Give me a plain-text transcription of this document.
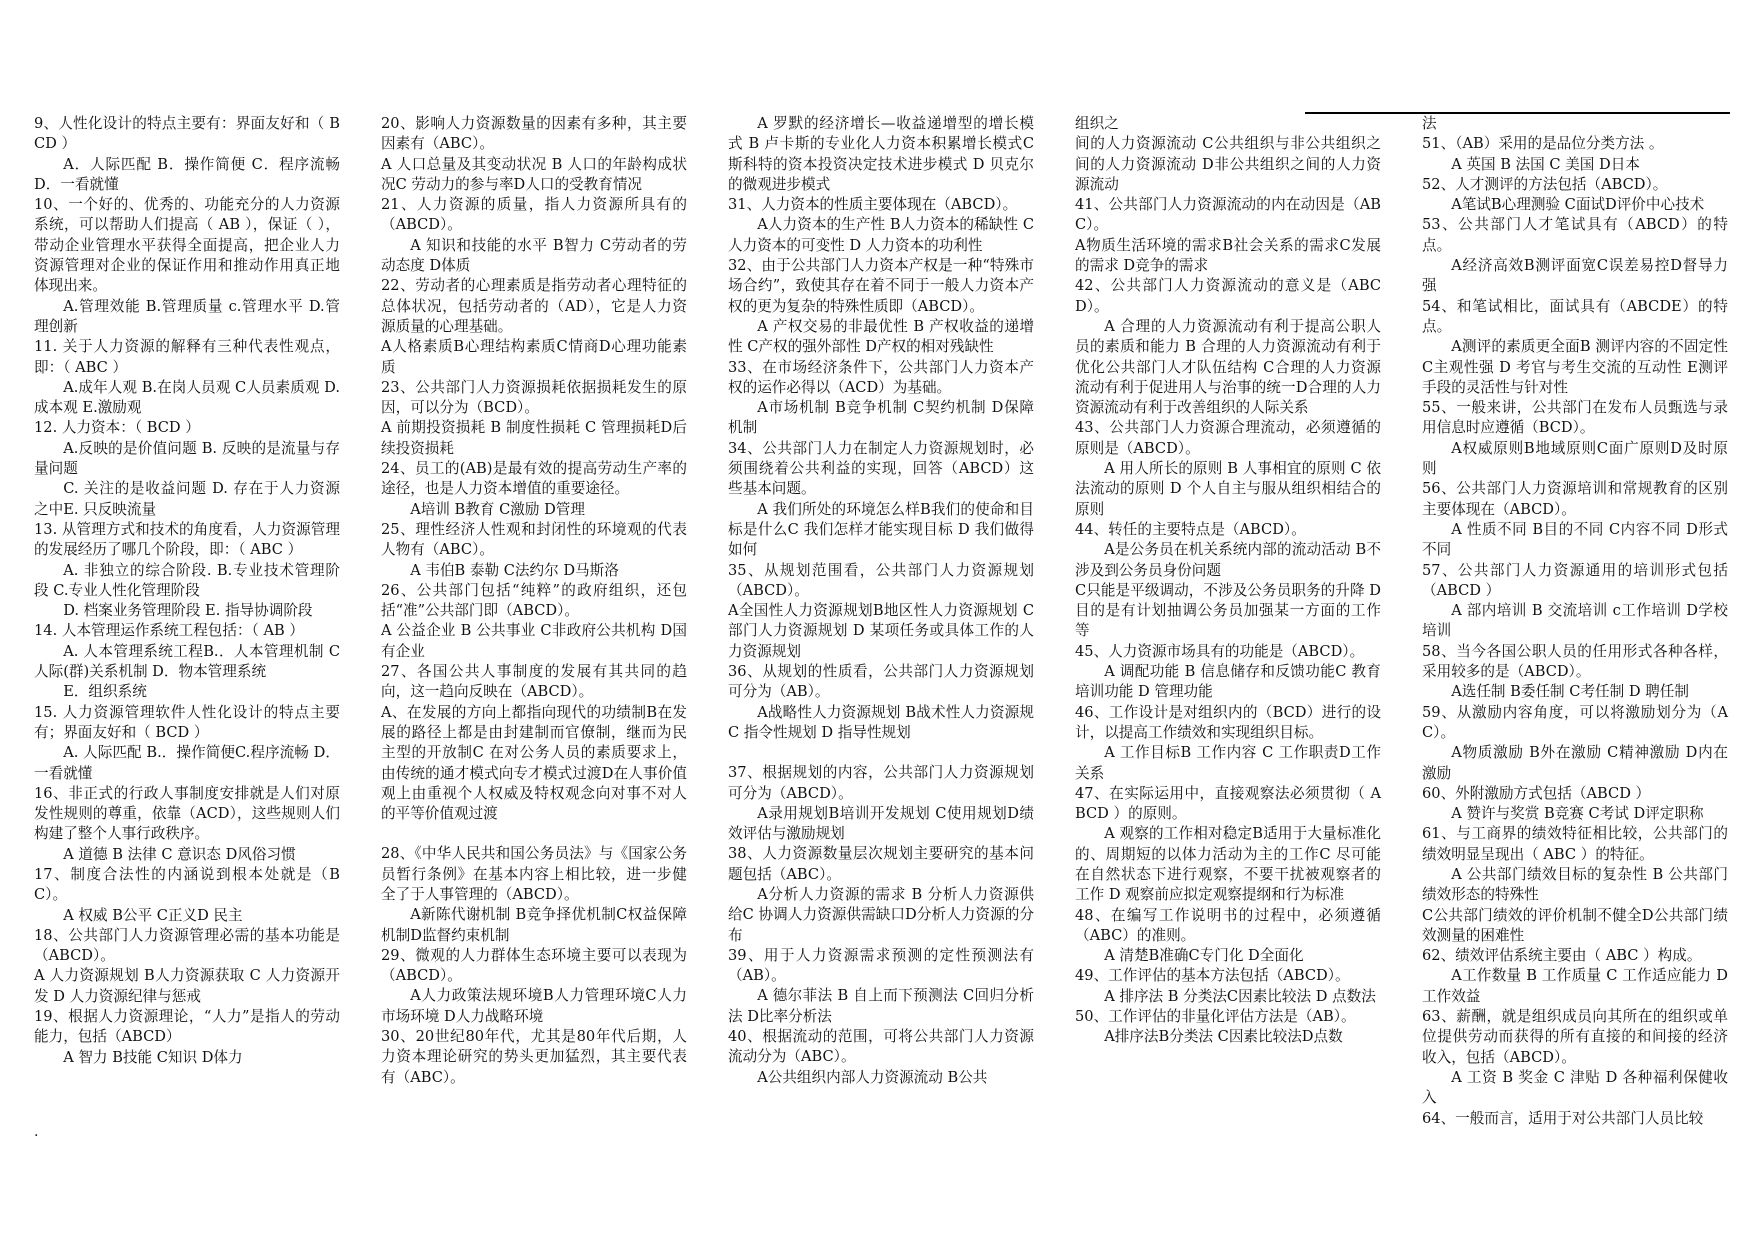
9、人性化设计的特点主要有：界面友好和（ BCD ）

A．人际匹配 B．操作简便 C．程序流畅 D．一看就懂

10、一个好的、优秀的、功能充分的人力资源系统，可以帮助人们提高（ AB ），保证（ ），带动企业管理水平获得全面提高，把企业人力资源管理对企业的保证作用和推动作用真正地体现出来。

A.管理效能 B.管理质量 c.管理水平 D.管理创新

11. 关于人力资源的解释有三种代表性观点，即：（ ABC ）

A.成年人观 B.在岗人员观 C人员素质观 D.成本观 E.激励观

12. 人力资本：（ BCD ）

A.反映的是价值问题 B. 反映的是流量与存量问题

C. 关注的是收益问题 D. 存在于人力资源之中E. 只反映流量

13. 从管理方式和技术的角度看，人力资源管理的发展经历了哪几个阶段，即：（ ABC ）

A. 非独立的综合阶段. B.专业技术管理阶段 C.专业人性化管理阶段

D. 档案业务管理阶段 E. 指导协调阶段

14. 人本管理运作系统工程包括：（ AB ）

A. 人本管理系统工程B.．人本管理机制 C人际(群)关系机制 D．物本管理系统

E．组织系统

15. 人力资源管理软件人性化设计的特点主要有；界面友好和（ BCD ）

A. 人际匹配 B.．操作简便C.程序流畅 D．一看就懂

16、非正式的行政人事制度安排就是人们对原发性规则的尊重，依靠（ACD），这些规则人们构建了整个人事行政秩序。

A 道德 B 法律 C 意识态 D风俗习惯

17、制度合法性的内涵说到根本处就是（BC）。

A 权威 B公平 C正义D 民主

18、公共部门人力资源管理必需的基本功能是（ABCD）。

A 人力资源规划 B人力资源获取 C 人力资源开发 D 人力资源纪律与惩戒

19、根据人力资源理论，“人力”是指人的劳动能力，包括（ABCD）

A 智力 B技能 C知识 D体力

20、影响人力资源数量的因素有多种，其主要因素有（ABC）。

A 人口总量及其变动状况 B 人口的年龄构成状况C 劳动力的参与率D人口的受教育情况

21、人力资源的质量，指人力资源所具有的（ABCD）。

A 知识和技能的水平 B智力 C劳动者的劳动态度 D体质

22、劳动者的心理素质是指劳动者心理特征的总体状况，包括劳动者的（AD），它是人力资源质量的心理基础。

A人格素质B心理结构素质C情商D心理功能素质

23、公共部门人力资源损耗依据损耗发生的原因，可以分为（BCD）。

A 前期投资损耗 B 制度性损耗 C 管理损耗D后续投资损耗

24、员工的(AB)是最有效的提高劳动生产率的途径，也是人力资本增值的重要途径。

A培训 B教育 C激励 D管理

25、理性经济人性观和封闭性的环境观的代表人物有（ABC）。

A 韦伯B 泰勒 C法约尔 D马斯洛

26、公共部门包括“纯粹”的政府组织，还包括“准”公共部门即（ABCD）。

A 公益企业 B 公共事业 C非政府公共机构 D国有企业

27、各国公共人事制度的发展有其共同的趋向，这一趋向反映在（ABCD）。

A、在发展的方向上都指向现代的功绩制B在发展的路径上都是由封建制而官僚制，继而为民主型的开放制C 在对公务人员的素质要求上，由传统的通才模式向专才模式过渡D在人事价值观上由重视个人权威及特权观念向对事不对人的平等价值观过渡

28、《中华人民共和国公务员法》与《国家公务员暂行条例》在基本内容上相比较，进一步健全了于人事管理的（ABCD）。

A新陈代谢机制 B竞争择优机制C权益保障机制D监督约束机制

29、微观的人力群体生态环境主要可以表现为（ABCD）。

A人力政策法规环境B人力管理环境C人力市场环境 D人力战略环境

30、20世纪80年代，尤其是80年代后期，人力资本理论研究的势头更加猛烈，其主要代表有（ABC）。

A 罗默的经济增长—收益递增型的增长模式 B 卢卡斯的专业化人力资本积累增长模式C 斯科特的资本投资决定技术进步模式 D 贝克尔的微观进步模式

31、人力资本的性质主要体现在（ABCD）。

A人力资本的生产性 B人力资本的稀缺性 C人力资本的可变性 D 人力资本的功利性

32、由于公共部门人力资本产权是一种“特殊市场合约”，致使其存在着不同于一般人力资本产权的更为复杂的特殊性质即（ABCD）。

A 产权交易的非最优性 B 产权收益的递增性 C产权的强外部性 D产权的相对残缺性

33、在市场经济条件下，公共部门人力资本产权的运作必得以（ACD）为基础。

A市场机制 B竞争机制 C契约机制 D保障机制

34、公共部门人力在制定人力资源规划时，必须围绕着公共利益的实现，回答（ABCD）这些基本问题。

A 我们所处的环境怎么样B我们的使命和目标是什么C 我们怎样才能实现目标 D 我们做得如何

35、从规划范围看，公共部门人力资源规划（ABCD）。

A全国性人力资源规划B地区性人力资源规划 C 部门人力资源规划 D 某项任务或具体工作的人力资源规划

36、从规划的性质看，公共部门人力资源规划可分为（AB）。

A战略性人力资源规划 B战术性人力资源规 C 指令性规划 D 指导性规划

37、根据规划的内容，公共部门人力资源规划可分为（ABCD）。

A录用规划B培训开发规划 C使用规划D绩效评估与激励规划

38、人力资源数量层次规划主要研究的基本问题包括（ABC）。

A分析人力资源的需求 B 分析人力资源供给C 协调人力资源供需缺口D分析人力资源的分布

39、用于人力资源需求预测的定性预测法有（AB）。

A 德尔菲法 B 自上而下预测法 C回归分析法 D比率分析法

40、根据流动的范围，可将公共部门人力资源流动分为（ABC）。

A公共组织内部人力资源流动 B公共

组织之

间的人力资源流动 C公共组织与非公共组织之间的人力资源流动 D非公共组织之间的人力资源流动

41、公共部门人力资源流动的内在动因是（ABC）。

A物质生活环境的需求B社会关系的需求C发展的需求 D竞争的需求

42、公共部门人力资源流动的意义是（ABCD）。

A 合理的人力资源流动有利于提高公职人员的素质和能力 B 合理的人力资源流动有利于优化公共部门人才队伍结构 C合理的人力资源流动有利于促进用人与治事的统一D合理的人力资源流动有利于改善组织的人际关系

43、公共部门人力资源合理流动，必须遵循的原则是（ABCD）。

A 用人所长的原则 B 人事相宜的原则 C 依法流动的原则 D 个人自主与服从组织相结合的原则

44、转任的主要特点是（ABCD）。

A是公务员在机关系统内部的流动活动 B不涉及到公务员身份问题

C只能是平级调动，不涉及公务员职务的升降 D 目的是有计划抽调公务员加强某一方面的工作等

45、人力资源市场具有的功能是（ABCD）。

A 调配功能 B 信息储存和反馈功能C 教育培训功能 D 管理功能

46、工作设计是对组织内的（BCD）进行的设计，以提高工作绩效和实现组织目标。

A 工作目标B 工作内容 C 工作职责D工作关系

47、在实际运用中，直接观察法必须贯彻（ ABCD ）的原则。

A 观察的工作相对稳定B适用于大量标准化的、周期短的以体力活动为主的工作C 尽可能在自然状态下进行观察，不要干扰被观察者的工作 D 观察前应拟定观察提纲和行为标准

48、在编写工作说明书的过程中，必须遵循（ABC）的准则。

A 清楚B准确C专门化 D全面化

49、工作评估的基本方法包括（ABCD）。

A 排序法 B 分类法C因素比较法 D 点数法

50、工作评估的非量化评估方法是（AB）。

A排序法B分类法 C因素比较法D点数

法

51、（AB）采用的是品位分类方法 。

A 英国 B 法国 C 美国 D日本

52、人才测评的方法包括（ABCD）。

A笔试B心理测验 C面试D评价中心技术

53、公共部门人才笔试具有（ABCD）的特点。

A经济高效B测评面宽C误差易控D督导力强

54、和笔试相比，面试具有（ABCDE）的特点。

A测评的素质更全面B 测评内容的不固定性 C主观性强 D 考官与考生交流的互动性 E测评手段的灵活性与针对性

55、一般来讲，公共部门在发布人员甄选与录用信息时应遵循（BCD）。

A权威原则B地域原则C面广原则D及时原则

56、公共部门人力资源培训和常规教育的区别主要体现在（ABCD）。

A 性质不同 B目的不同 C内容不同 D形式不同

57、公共部门人力资源通用的培训形式包括（ABCD ）

A 部内培训 B 交流培训 c工作培训 D学校培训

58、当今各国公职人员的任用形式各种各样，采用较多的是（ABCD）。

A选任制 B委任制 C考任制 D 聘任制

59、从激励内容角度，可以将激励划分为（AC）。

A物质激励 B外在激励 C精神激励 D内在激励

60、外附激励方式包括（ABCD ）

A 赞许与奖赏 B竞赛 C考试 D评定职称

61、与工商界的绩效特征相比较，公共部门的绩效明显呈现出（ ABC ）的特征。

A 公共部门绩效目标的复杂性 B 公共部门绩效形态的特殊性

C公共部门绩效的评价机制不健全D公共部门绩效测量的困难性

62、绩效评估系统主要由（ ABC ）构成。

A工作数量 B 工作质量 C 工作适应能力 D 工作效益

63、薪酬，就是组织成员向其所在的组织或单位提供劳动而获得的所有直接的和间接的经济收入，包括（ABCD）。

A 工资 B 奖金 C 津贴 D 各种福利保健收入

64、一般而言，适用于对公共部门人员比较

.
